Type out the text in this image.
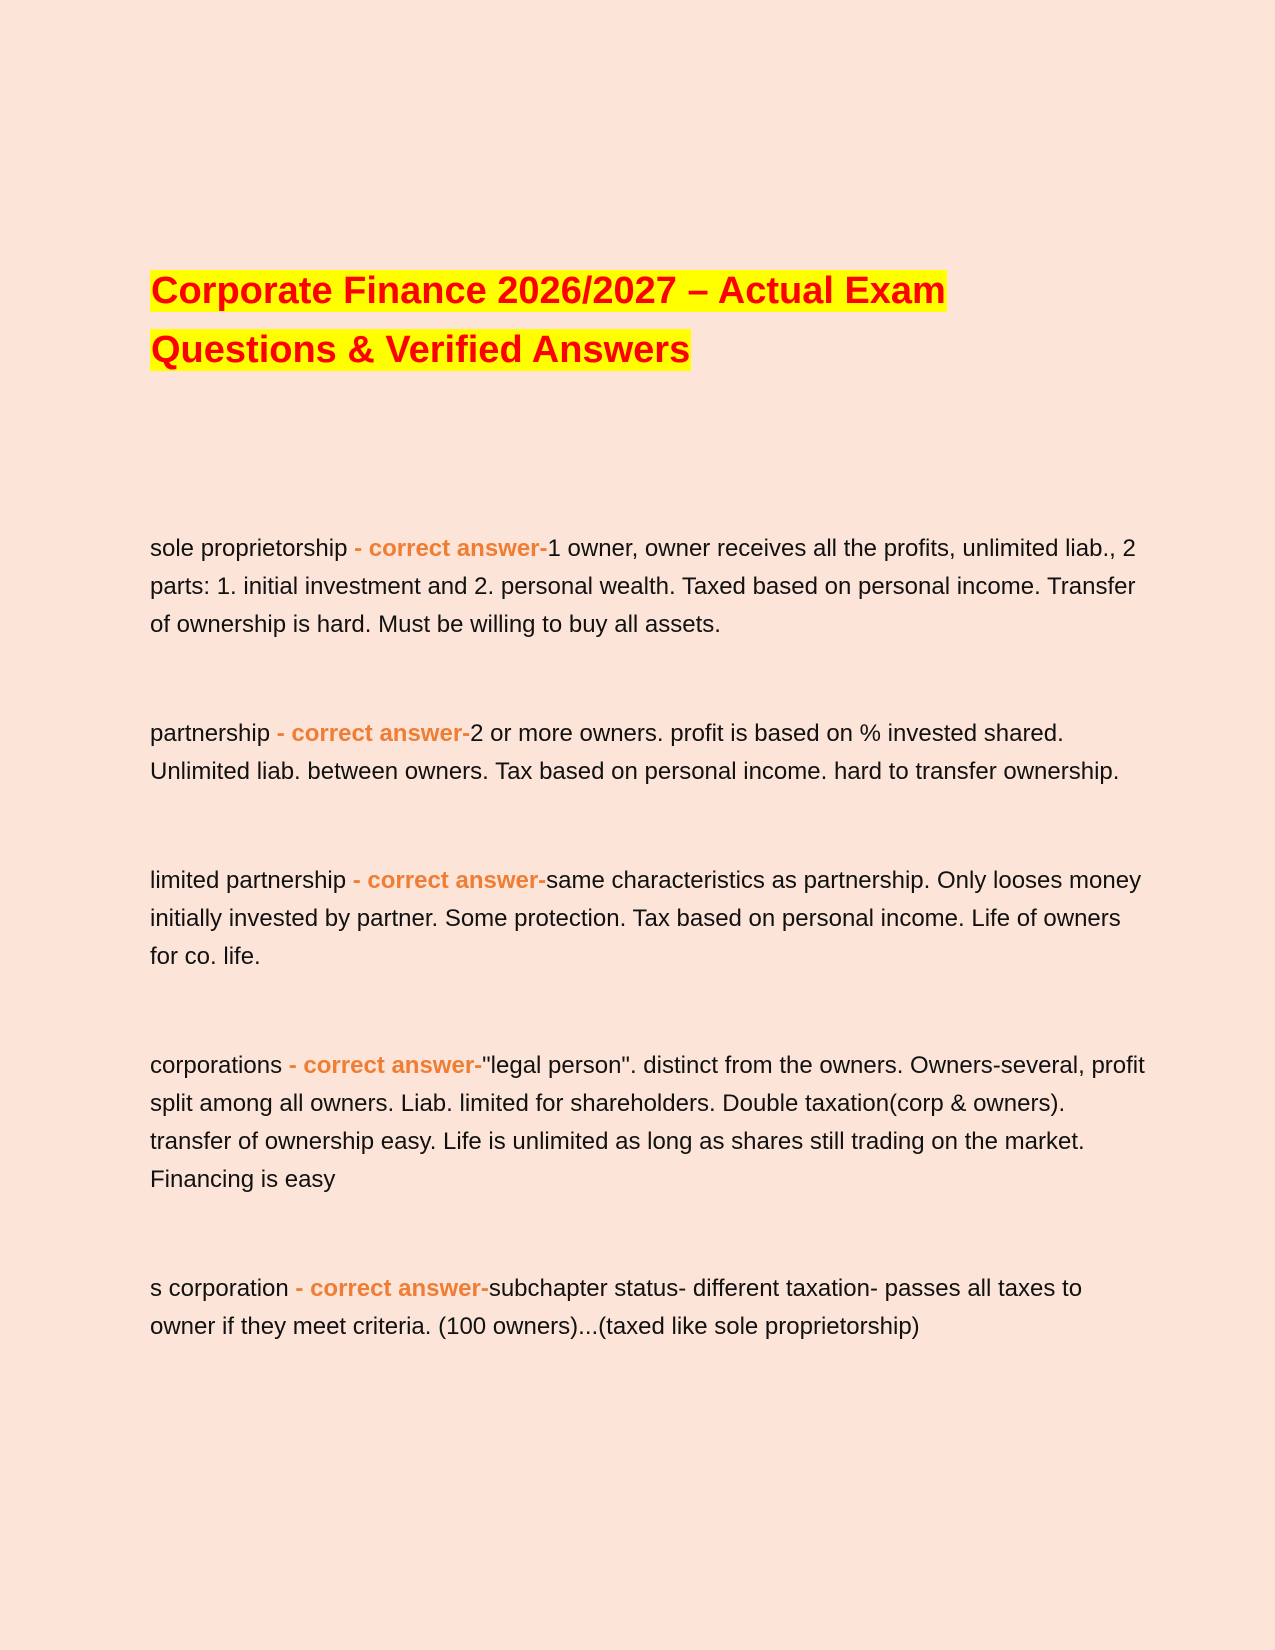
Corporate Finance 2026/2027 – Actual Exam
Questions & Verified Answers

sole proprietorship - correct answer-1 owner, owner receives all the profits, unlimited liab., 2 parts: 1. initial investment and 2. personal wealth. Taxed based on personal income. Transfer of ownership is hard. Must be willing to buy all assets.

partnership - correct answer-2 or more owners. profit is based on % invested shared. Unlimited liab. between owners. Tax based on personal income. hard to transfer ownership.

limited partnership - correct answer-same characteristics as partnership. Only looses money initially invested by partner. Some protection. Tax based on personal income. Life of owners for co. life.

corporations - correct answer-"legal person". distinct from the owners. Owners-several, profit split among all owners. Liab. limited for shareholders. Double taxation(corp & owners). transfer of ownership easy. Life is unlimited as long as shares still trading on the market. Financing is easy

s corporation - correct answer-subchapter status- different taxation- passes all taxes to owner if they meet criteria. (100 owners)...(taxed like sole proprietorship)
